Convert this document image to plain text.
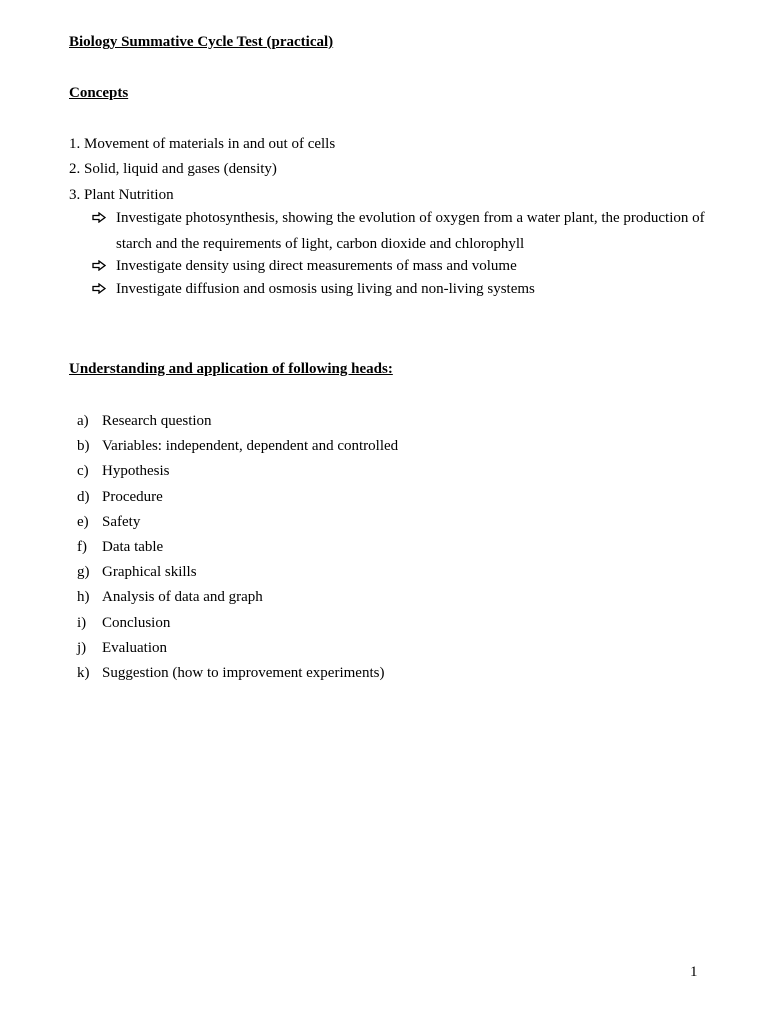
Biology Summative Cycle Test (practical)
Concepts
1. Movement of materials in and out of cells
2. Solid, liquid and gases (density)
3. Plant Nutrition
Investigate photosynthesis, showing the evolution of oxygen from a water plant, the production of starch and the requirements of light, carbon dioxide and chlorophyll
Investigate density using direct measurements of mass and volume
Investigate diffusion and osmosis using living and non-living systems
Understanding and application of following heads:
a) Research question
b) Variables: independent, dependent and controlled
c) Hypothesis
d) Procedure
e) Safety
f)	Data table
g) Graphical skills
h) Analysis of data and graph
i)	Conclusion
j)	Evaluation
k) Suggestion (how to improvement experiments)
1
